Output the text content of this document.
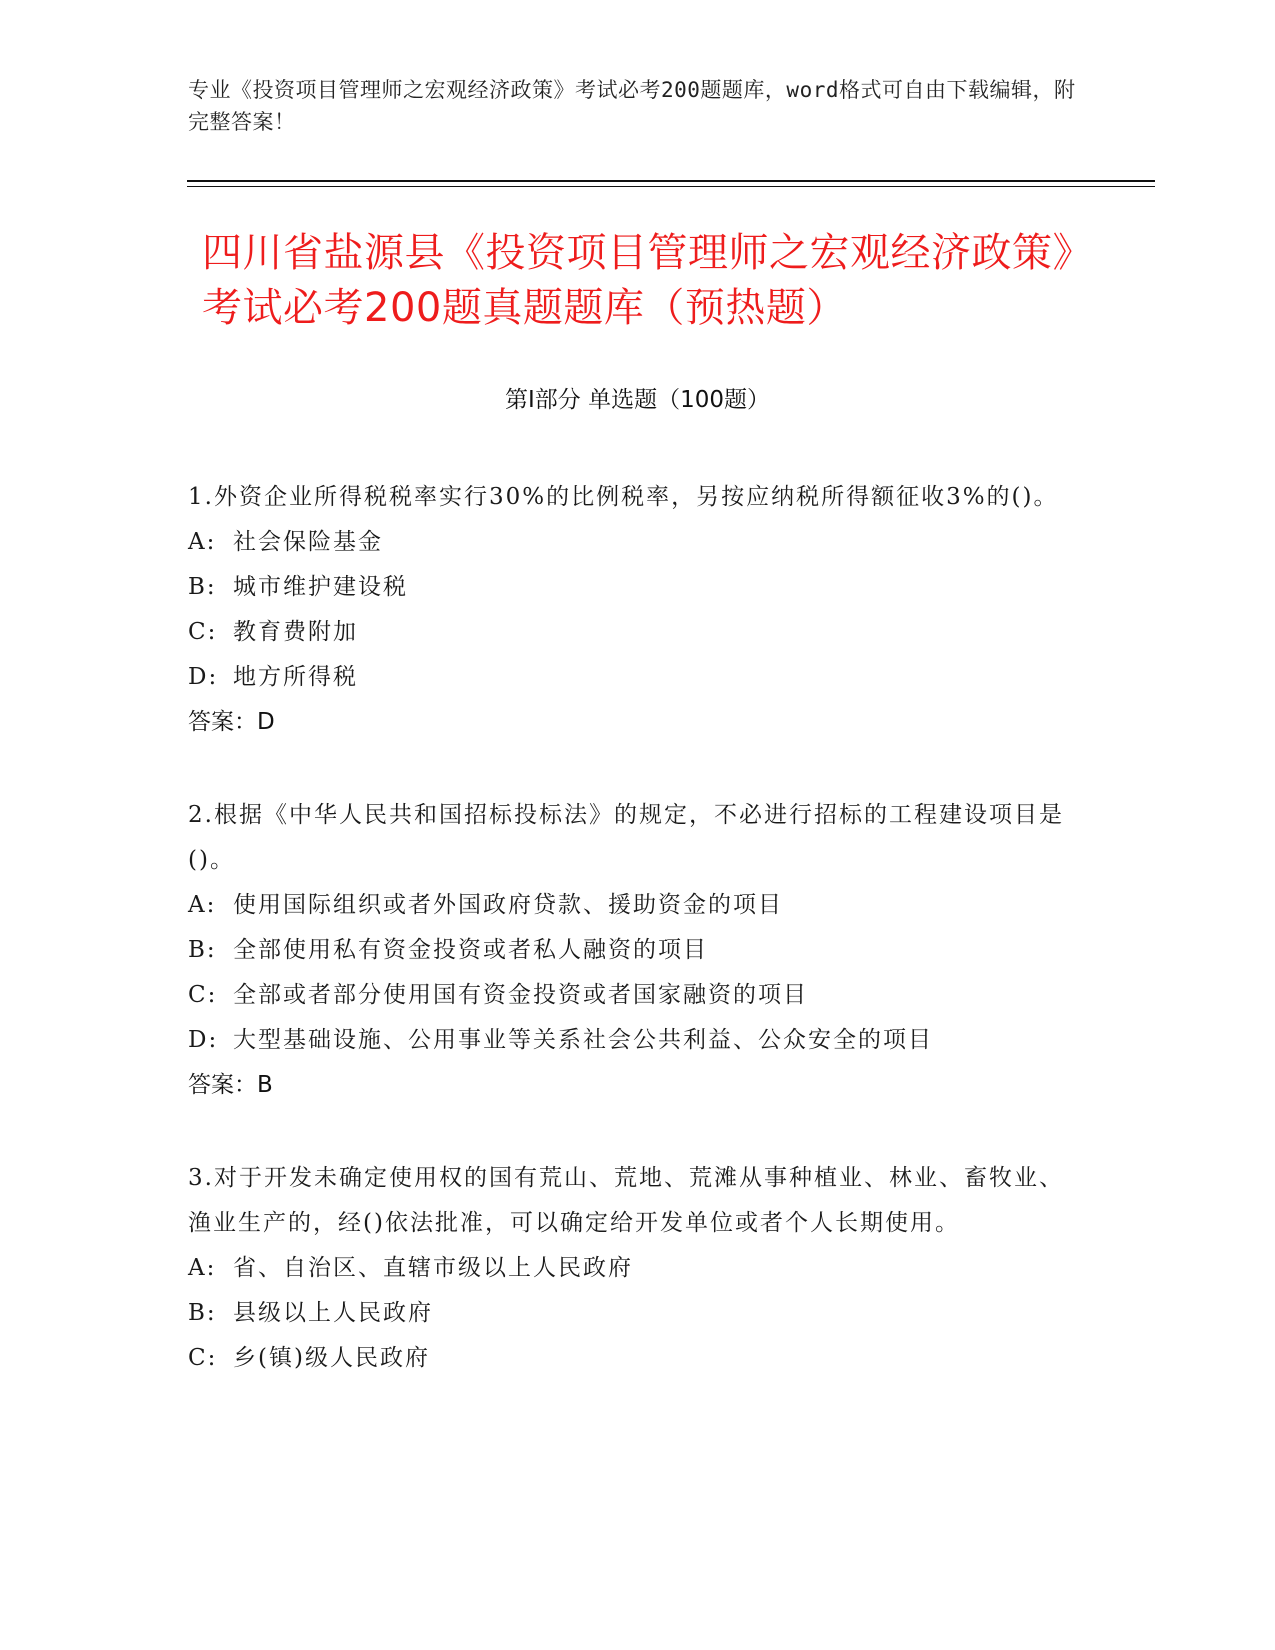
专业《投资项目管理师之宏观经济政策》考试必考200题题库，word格式可自由下载编辑，附完整答案！
四川省盐源县《投资项目管理师之宏观经济政策》考试必考200题真题题库（预热题）
第Ⅰ部分 单选题（100题）
1.外资企业所得税税率实行30%的比例税率，另按应纳税所得额征收3%的()。
A: 社会保险基金
B: 城市维护建设税
C: 教育费附加
D: 地方所得税
答案：D
2.根据《中华人民共和国招标投标法》的规定，不必进行招标的工程建设项目是()。
A: 使用国际组织或者外国政府贷款、援助资金的项目
B: 全部使用私有资金投资或者私人融资的项目
C: 全部或者部分使用国有资金投资或者国家融资的项目
D: 大型基础设施、公用事业等关系社会公共利益、公众安全的项目
答案：B
3.对于开发未确定使用权的国有荒山、荒地、荒滩从事种植业、林业、畜牧业、渔业生产的，经()依法批准，可以确定给开发单位或者个人长期使用。
A: 省、自治区、直辖市级以上人民政府
B: 县级以上人民政府
C: 乡(镇)级人民政府
